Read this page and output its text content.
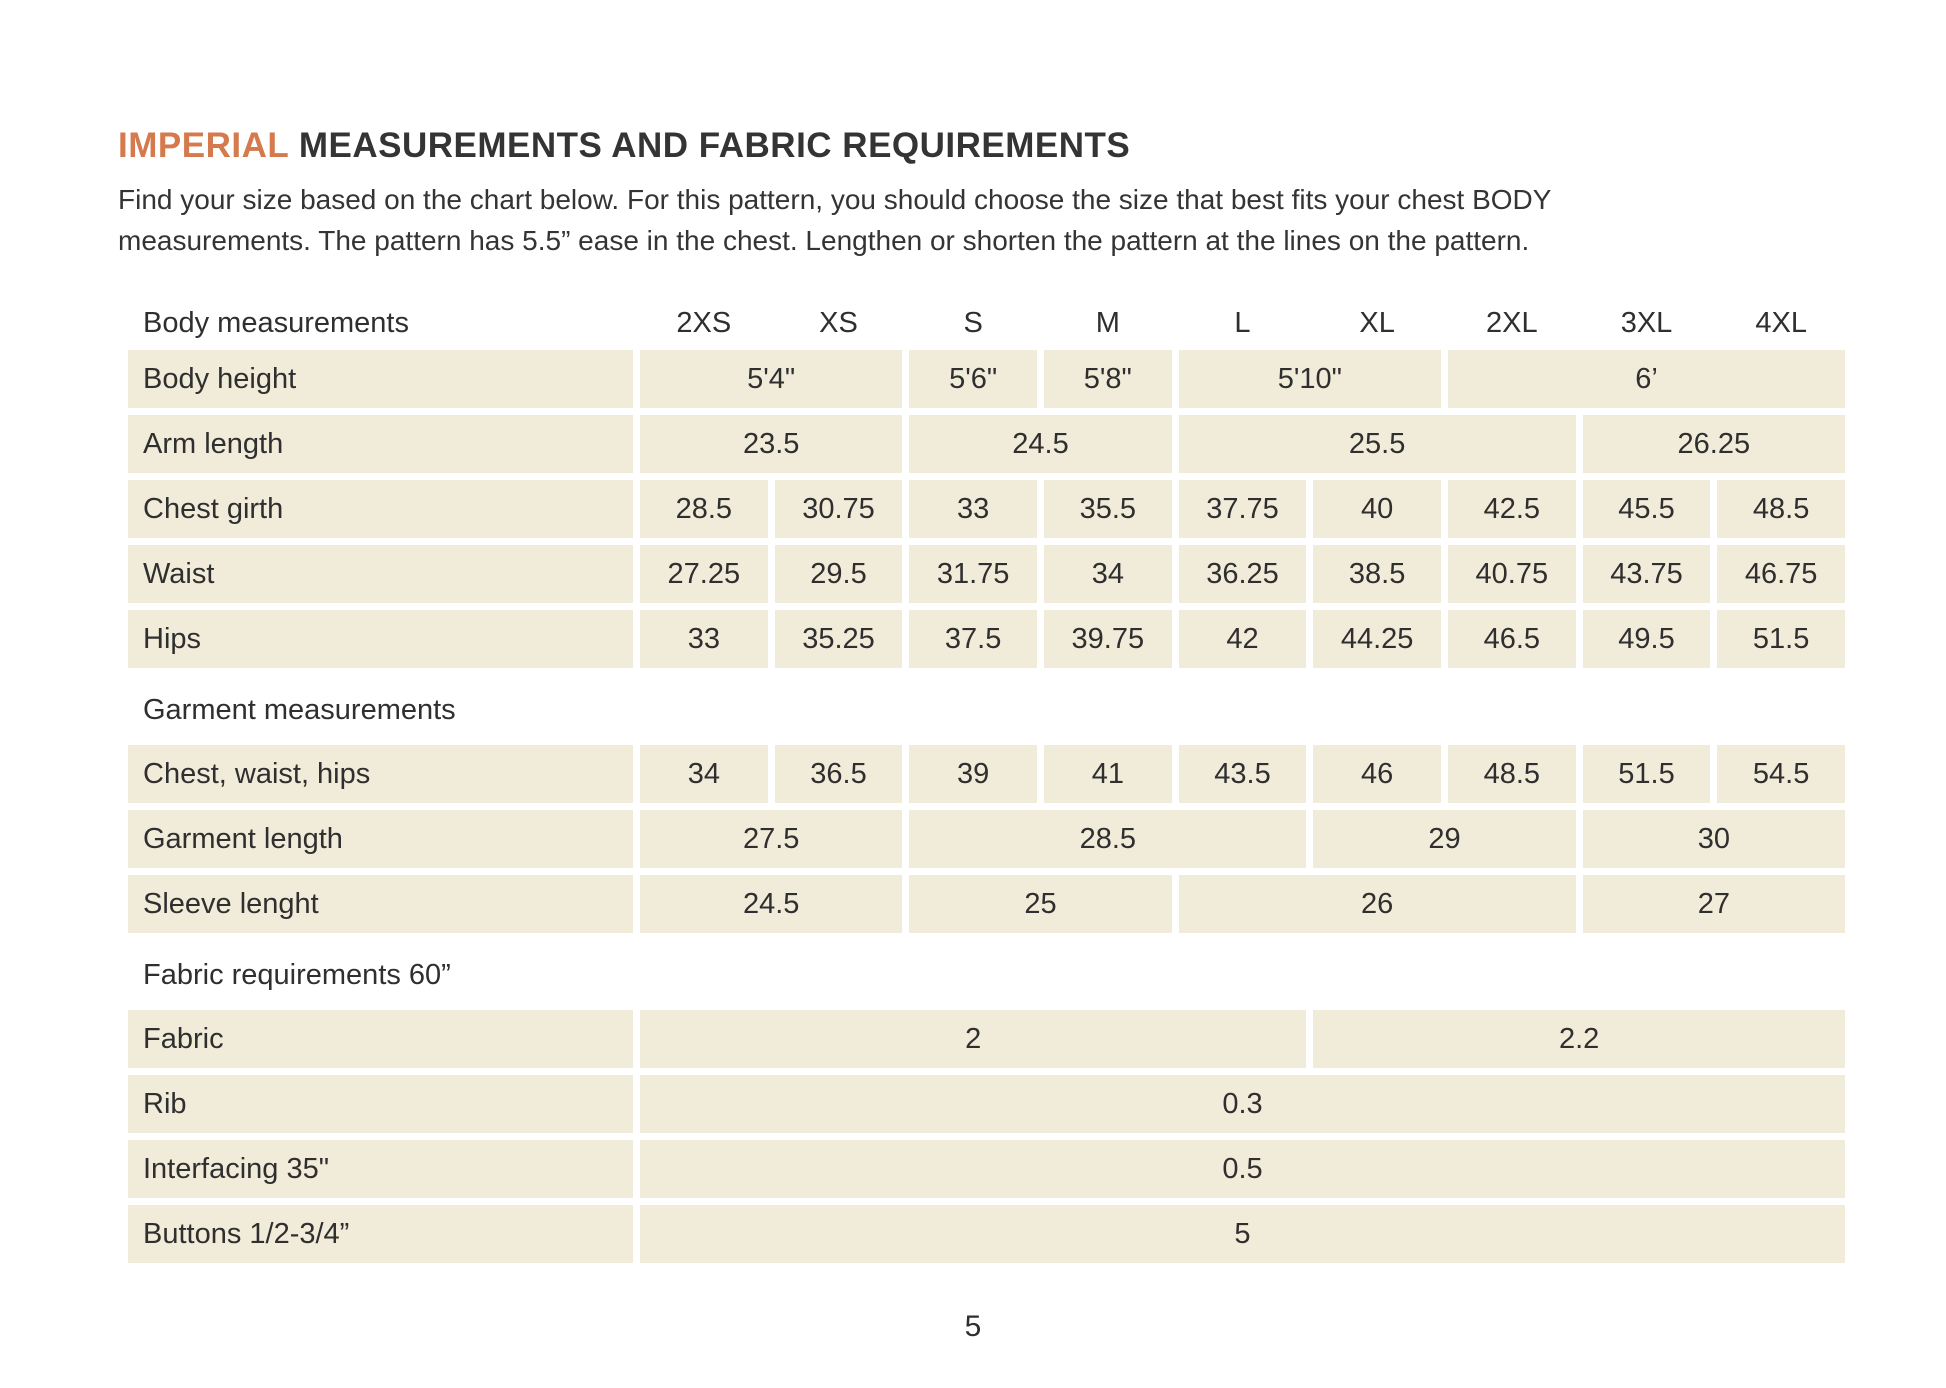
IMPERIAL MEASUREMENTS AND FABRIC REQUIREMENTS
Find your size based on the chart below. For this pattern, you should choose the size that best fits your chest BODY
measurements. The pattern has 5.5” ease in the chest. Lengthen or shorten the pattern at the lines on the pattern.
Body measurements	2XS	XS	S	M	L	XL	2XL	3XL	4XL
Body height	5'4"	5'6"	5'8"	5'10"	6’
Arm length	23.5	24.5	25.5	26.25
Chest girth	28.5	30.75	33	35.5	37.75	40	42.5	45.5	48.5
Waist	27.25	29.5	31.75	34	36.25	38.5	40.75	43.75	46.75
Hips	33	35.25	37.5	39.75	42	44.25	46.5	49.5	51.5
Garment measurements
Chest, waist, hips	34	36.5	39	41	43.5	46	48.5	51.5	54.5
Garment length	27.5	28.5	29	30
Sleeve lenght	24.5	25	26	27
Fabric requirements 60”
Fabric	2	2.2
Rib	0.3
Interfacing 35"	0.5
Buttons 1/2-3/4”	5
5
